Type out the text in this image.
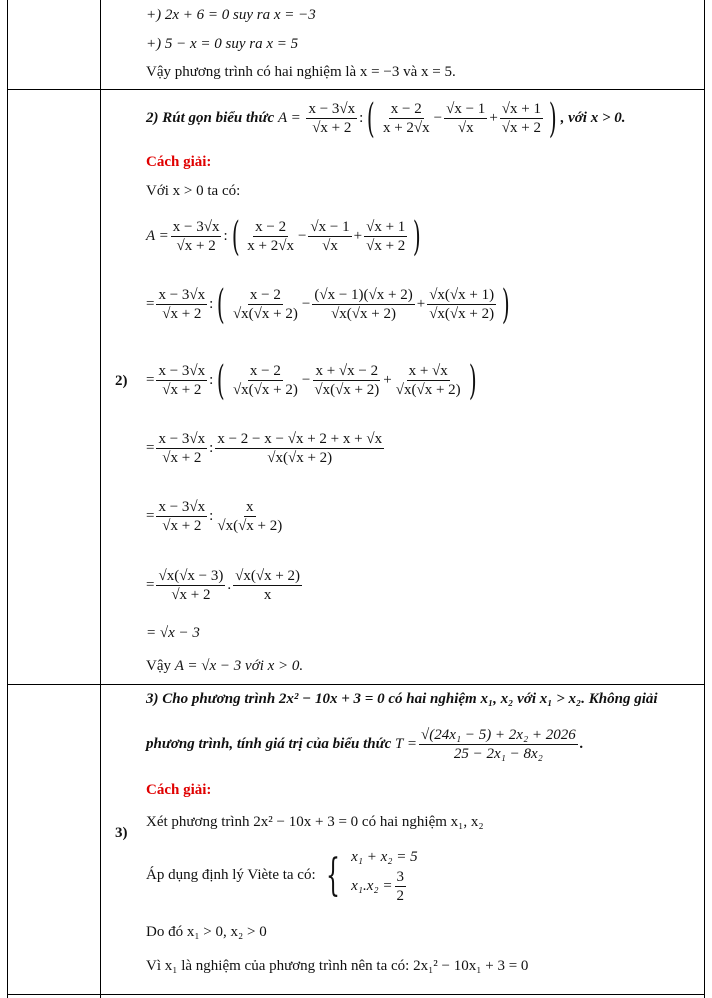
+) 2x + 6 = 0 suy ra x = −3
+) 5 − x = 0 suy ra x = 5
Vậy phương trình có hai nghiệm là x = −3 và x = 5.
2)
2) Rút gọn biểu thức $A = \frac{x - 3√x}{√x + 2}$ :( $\frac{x - 2}{x + 2√x} - \frac{√x - 1}{√x} + \frac{√x + 1}{√x + 2}$ ) , với x > 0.
Cách giải:
Với x > 0 ta có:
$A = \frac{x - 3√x}{√x + 2}$ :( $\frac{x - 2}{x + 2√x} - \frac{√x - 1}{√x} + \frac{√x + 1}{√x + 2}$ )
= $\frac{x - 3√x}{√x + 2}$ :( $\frac{x - 2}{√x(√x + 2)} - \frac{(√x - 1)(√x + 2)}{√x(√x + 2)} + \frac{√x(√x + 1)}{√x(√x + 2)}$ )
= $\frac{x - 3√x}{√x + 2}$ :( $\frac{x - 2}{√x(√x + 2)} - \frac{x + √x - 2}{√x(√x + 2)} + \frac{x + √x}{√x(√x + 2)}$ )
= $\frac{x - 3√x}{√x + 2}$ : $\frac{x - 2 - x - √x + 2 + x + √x}{√x(√x + 2)}$
= $\frac{x - 3√x}{√x + 2}$ : $\frac{x}{√x(√x + 2)}$
= $\frac{√x(√x - 3)}{√x + 2}$ . $\frac{√x(√x + 2)}{x}$
= √x − 3
Vậy A = √x − 3 với x > 0.
3)
3) Cho phương trình 2x² − 10x + 3 = 0 có hai nghiệm x₁, x₂ với x₁ > x₂. Không giải
phương trình, tính giá trị của biểu thức $T = \frac{\text{√(24x₁ − 5) + 2x₂ + 2026}}{\text{25 − 2x₁ − 8x₂}}$ .
Cách giải:
Xét phương trình 2x² − 10x + 3 = 0 có hai nghiệm x₁, x₂
Áp dụng định lý Viète ta có: { x₁ + x₂ = 5
$x_1.x_2 = \frac{3}{2}$
Do đó x₁ > 0, x₂ > 0
Vì x₁ là nghiệm của phương trình nên ta có: 2x₁² − 10x₁ + 3 = 0
